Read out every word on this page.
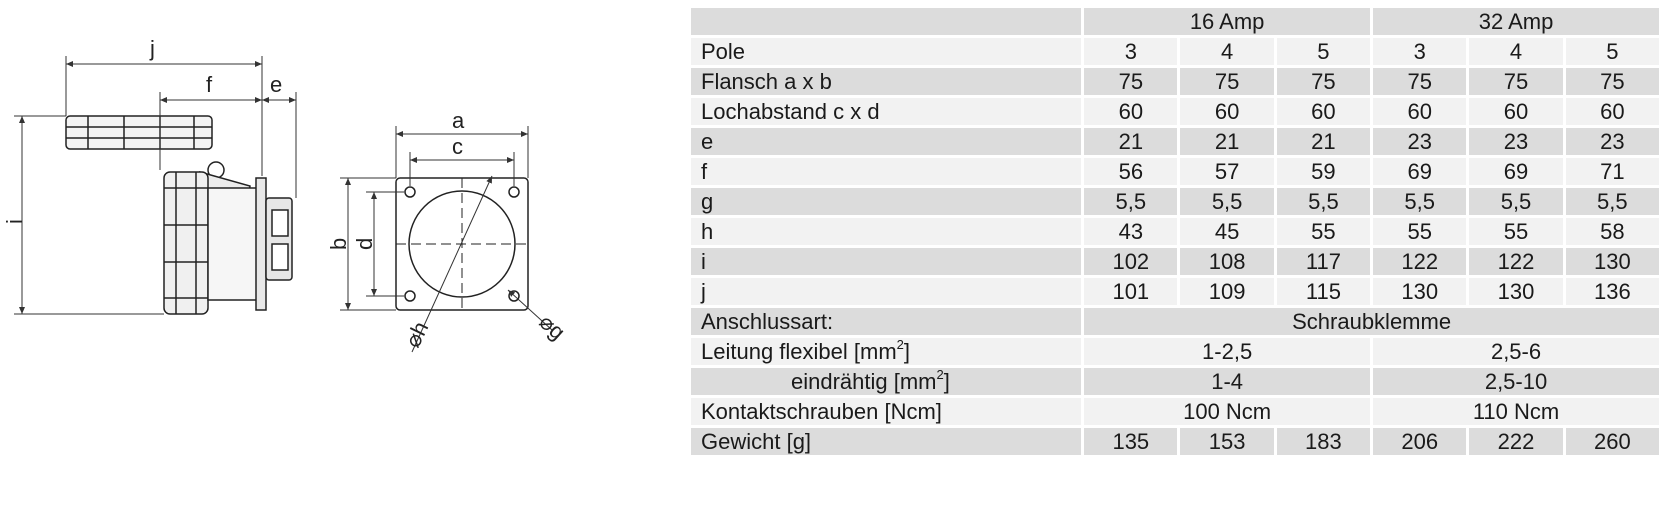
j
f	e
i
a
c
b d
⌀h	⌀g
	16 Amp			32 Amp		
Pole	3	4	5	3	4	5
Flansch a x b	75	75	75	75	75	75
Lochabstand c x d	60	60	60	60	60	60
e	21	21	21	23	23	23
f	56	57	59	69	69	71
g	5,5	5,5	5,5	5,5	5,5	5,5
h	43	45	55	55	55	58
i	102	108	117	122	122	130
j	101	109	115	130	130	136
Anschlussart:	Schraubklemme					
Leitung flexibel $[mm^2]$	1-2,5			2,5-6		
eindrähtig $[mm^2]$	1-4			2,5-10		
Kontaktschrauben [Ncm]	100 Ncm			110 Ncm		
Gewicht [g]	135	153	183	206	222	260
